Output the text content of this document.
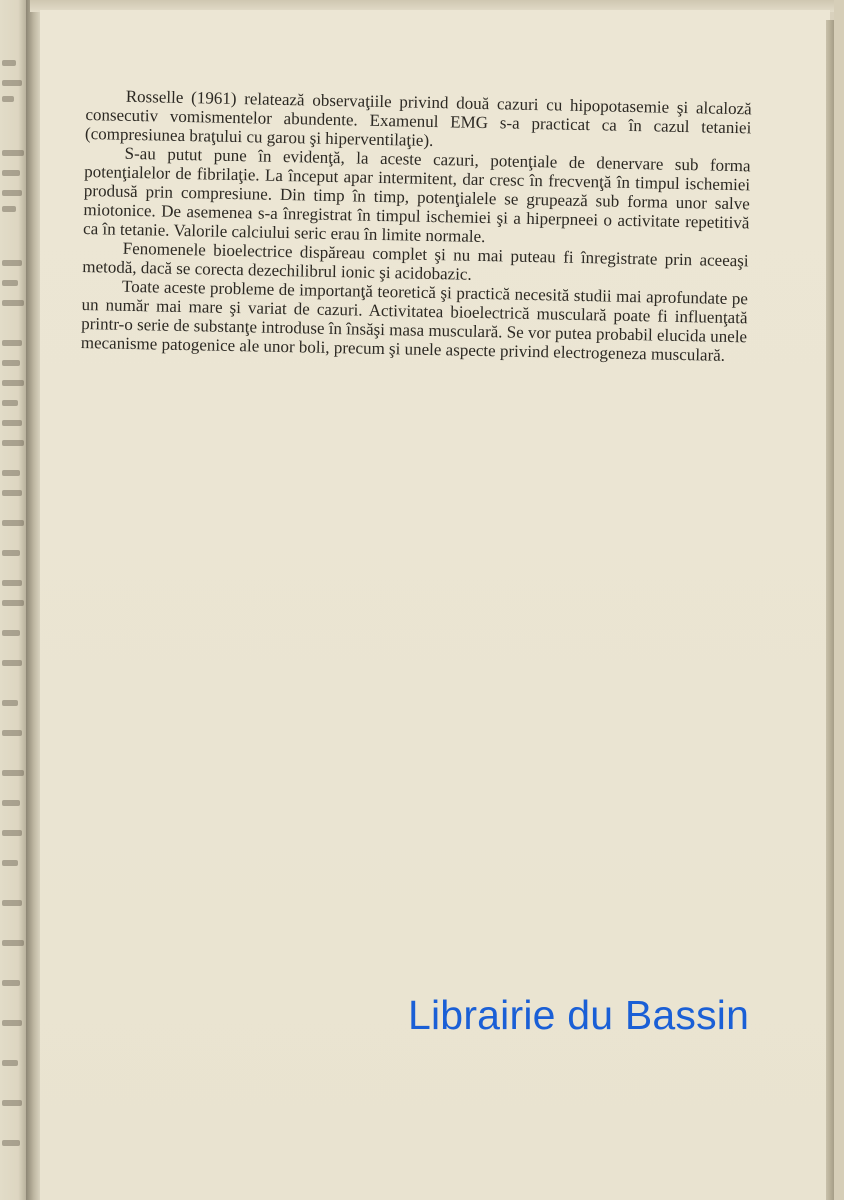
Rosselle (1961) relatează observaţiile privind două cazuri cu hipopotasemie şi alcaloză consecutiv vomismentelor abundente. Examenul EMG s-a practicat ca în cazul tetaniei (compresiunea braţului cu garou şi hiperventilaţie).

S-au putut pune în evidenţă, la aceste cazuri, potenţiale de denervare sub forma potenţialelor de fibrilaţie. La început apar intermitent, dar cresc în frecvenţă în timpul ischemiei produsă prin compresiune. Din timp în timp, potenţialele se grupează sub forma unor salve miotonice. De asemenea s-a înregistrat în timpul ischemiei şi a hiperpneei o activitate repetitivă ca în tetanie. Valorile calciului seric erau în limite normale.

Fenomenele bioelectrice dispăreau complet şi nu mai puteau fi înregistrate prin aceeaşi metodă, dacă se corecta dezechilibrul ionic şi acidobazic.

Toate aceste probleme de importanţă teoretică şi practică necesită studii mai aprofundate pe un număr mai mare şi variat de cazuri. Activitatea bioelectrică musculară poate fi influenţată printr-o serie de substanţe introduse în însăşi masa musculară. Se vor putea probabil elucida unele mecanisme patogenice ale unor boli, precum şi unele aspecte privind electrogeneza musculară.

Librairie du Bassin
